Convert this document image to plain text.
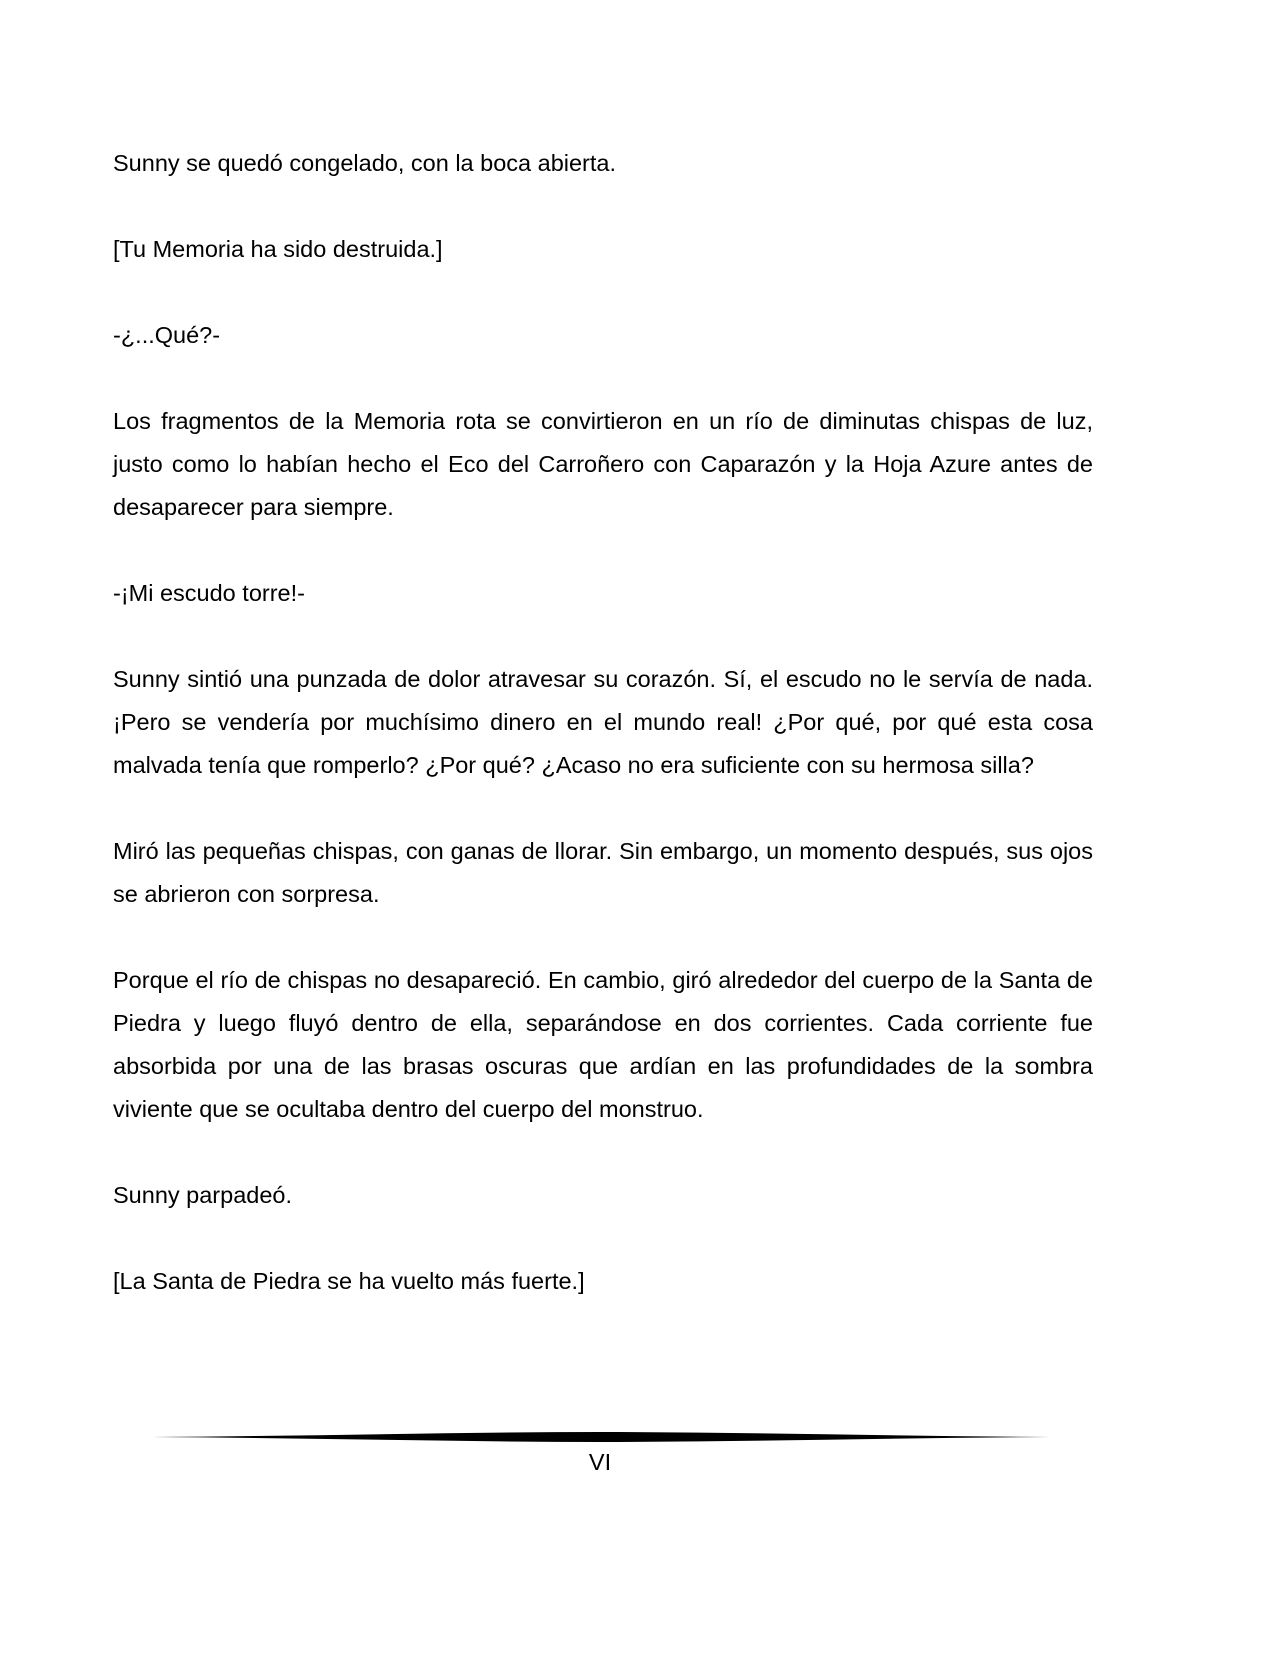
Sunny se quedó congelado, con la boca abierta.

[Tu Memoria ha sido destruida.]

-¿...Qué?-

Los fragmentos de la Memoria rota se convirtieron en un río de diminutas chispas de luz, justo como lo habían hecho el Eco del Carroñero con Caparazón y la Hoja Azure antes de desaparecer para siempre.

-¡Mi escudo torre!-

Sunny sintió una punzada de dolor atravesar su corazón. Sí, el escudo no le servía de nada. ¡Pero se vendería por muchísimo dinero en el mundo real! ¿Por qué, por qué esta cosa malvada tenía que romperlo? ¿Por qué? ¿Acaso no era suficiente con su hermosa silla?

Miró las pequeñas chispas, con ganas de llorar. Sin embargo, un momento después, sus ojos se abrieron con sorpresa.

Porque el río de chispas no desapareció. En cambio, giró alrededor del cuerpo de la Santa de Piedra y luego fluyó dentro de ella, separándose en dos corrientes. Cada corriente fue absorbida por una de las brasas oscuras que ardían en las profundidades de la sombra viviente que se ocultaba dentro del cuerpo del monstruo.

Sunny parpadeó.

[La Santa de Piedra se ha vuelto más fuerte.]

VI
